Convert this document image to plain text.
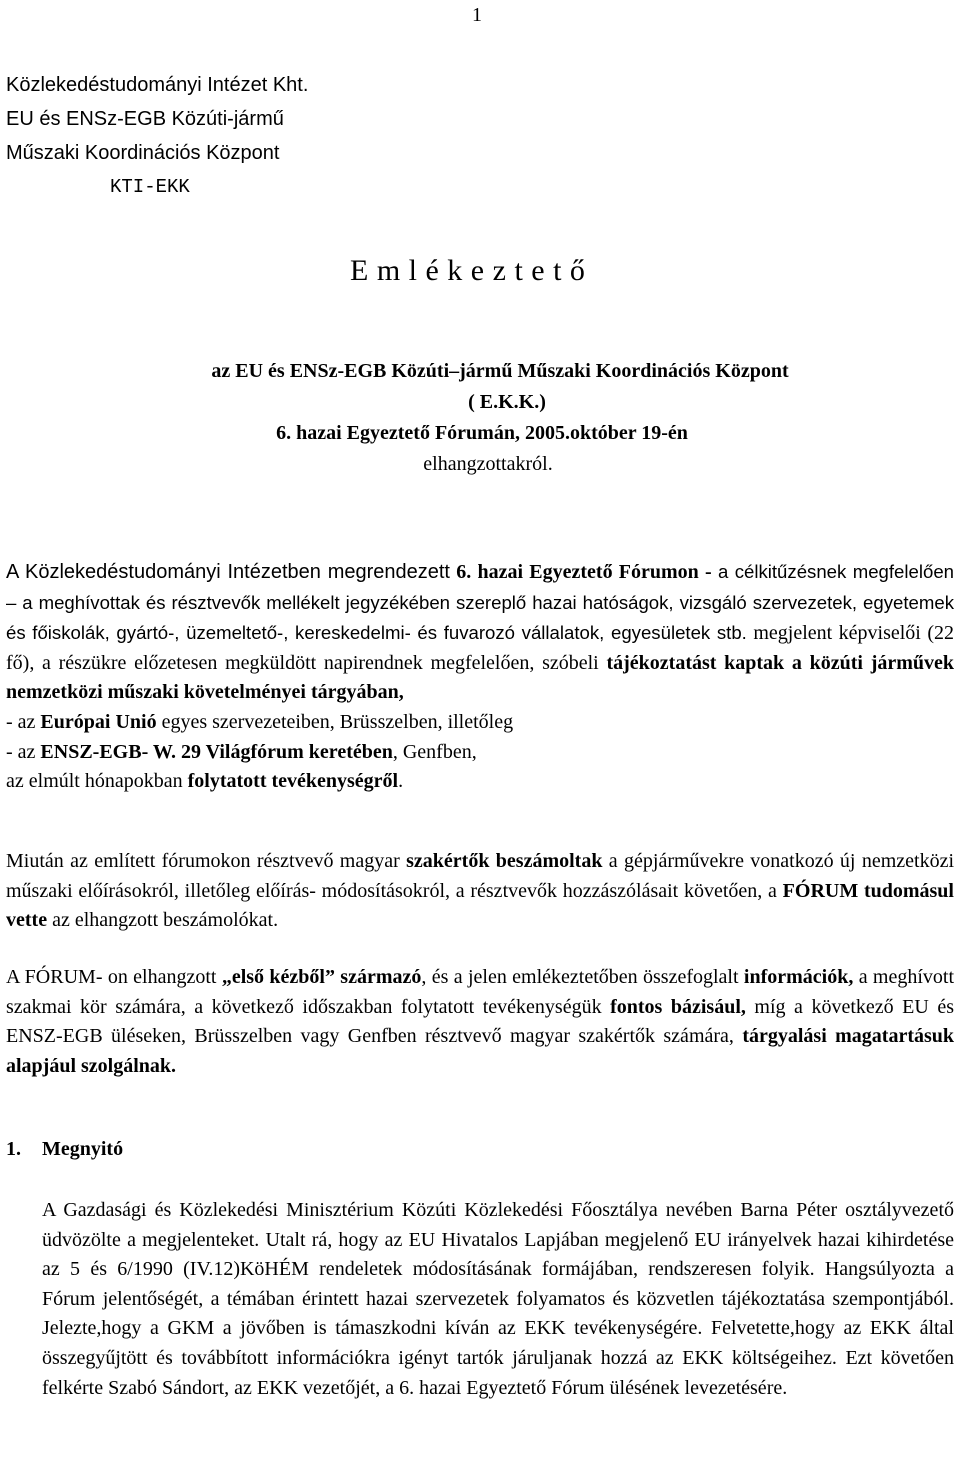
1
Közlekedéstudományi Intézet Kht.
EU és ENSz-EGB Közúti-jármű
Műszaki Koordinációs Központ
KTI-EKK
E m l é k e z t e t ő
az EU és ENSz-EGB Közúti–jármű Műszaki Koordinációs Központ
( E.K.K.)
6. hazai Egyeztető Fórumán, 2005.október 19-én
elhangzottakról.
A Közlekedéstudományi Intézetben megrendezett 6. hazai Egyeztető Fórumon - a célkitűzésnek megfelelően – a meghívottak és résztvevők mellékelt jegyzékében szereplő hazai hatóságok, vizsgáló szervezetek, egyetemek és főiskolák, gyártó-, üzemeltető-, kereskedelmi- és fuvarozó vállalatok, egyesületek stb. megjelent képviselői (22 fő), a részükre előzetesen megküldött napirendnek megfelelően, szóbeli tájékoztatást kaptak a közúti járművek nemzetközi műszaki követelményei tárgyában,
- az Európai Unió egyes szervezeteiben, Brüsszelben, illetőleg
- az ENSZ-EGB- W. 29 Világfórum keretében, Genfben,
az elmúlt hónapokban folytatott tevékenységről.
Miután az említett fórumokon résztvevő magyar szakértők beszámoltak a gépjárművekre vonatkozó új nemzetközi műszaki előírásokról, illetőleg előírás- módosításokról, a résztvevők hozzászólásait követően, a FÓRUM tudomásul vette az elhangzott beszámolókat.
A FÓRUM- on elhangzott „első kézből” származó, és a jelen emlékeztetőben összefoglalt információk, a meghívott szakmai kör számára, a következő időszakban folytatott tevékenységük fontos bázisául, míg a következő EU és ENSZ-EGB üléseken, Brüsszelben vagy Genfben résztvevő magyar szakértők számára, tárgyalási magatartásuk alapjául szolgálnak.
1. Megnyitó
A Gazdasági és Közlekedési Minisztérium Közúti Közlekedési Főosztálya nevében Barna Péter osztályvezető üdvözölte a megjelenteket. Utalt rá, hogy az EU Hivatalos Lapjában megjelenő EU irányelvek hazai kihirdetése az 5 és 6/1990 (IV.12)KöHÉM rendeletek módosításának formájában, rendszeresen folyik. Hangsúlyozta a Fórum jelentőségét, a témában érintett hazai szervezetek folyamatos és közvetlen tájékoztatása szempontjából. Jelezte,hogy a GKM a jövőben is támaszkodni kíván az EKK tevékenységére. Felvetette,hogy az EKK által összegyűjtött és továbbított információkra igényt tartók járuljanak hozzá az EKK költségeihez. Ezt követően felkérte Szabó Sándort, az EKK vezetőjét, a 6. hazai Egyeztető Fórum ülésének levezetésére.
